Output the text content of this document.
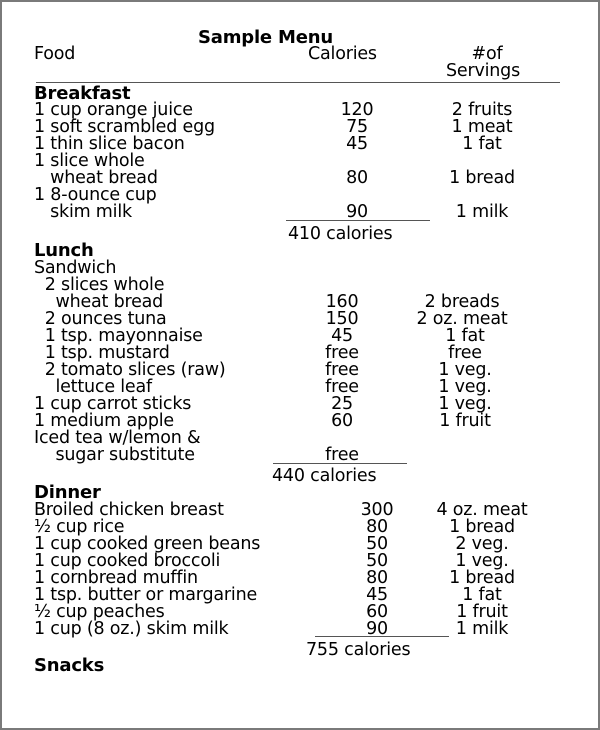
Sample Menu
Food	Calories	#of
Servings
Breakfast
1 cup orange juice	120	2 fruits
1 soft scrambled egg	75	1 meat
1 thin slice bacon	45	1 fat
1 slice whole
wheat bread	80	1 bread
1 8-ounce cup
skim milk	90	1 milk
410 calories
Lunch
Sandwich
2 slices whole
wheat bread	160	2 breads
2 ounces tuna	150	2 oz. meat
1 tsp. mayonnaise	45	1 fat
1 tsp. mustard	free	free
2 tomato slices (raw)	free	1 veg.
lettuce leaf	free	1 veg.
1 cup carrot sticks	25	1 veg.
1 medium apple	60	1 fruit
Iced tea w/lemon &
sugar substitute	free
440 calories
Dinner
Broiled chicken breast	300	4 oz. meat
½ cup rice	80	1 bread
1 cup cooked green beans	50	2 veg.
1 cup cooked broccoli	50	1 veg.
1 cornbread muffin	80	1 bread
1 tsp. butter or margarine	45	1 fat
½ cup peaches	60	1 fruit
1 cup (8 oz.) skim milk	90	1 milk
755 calories
Snacks
